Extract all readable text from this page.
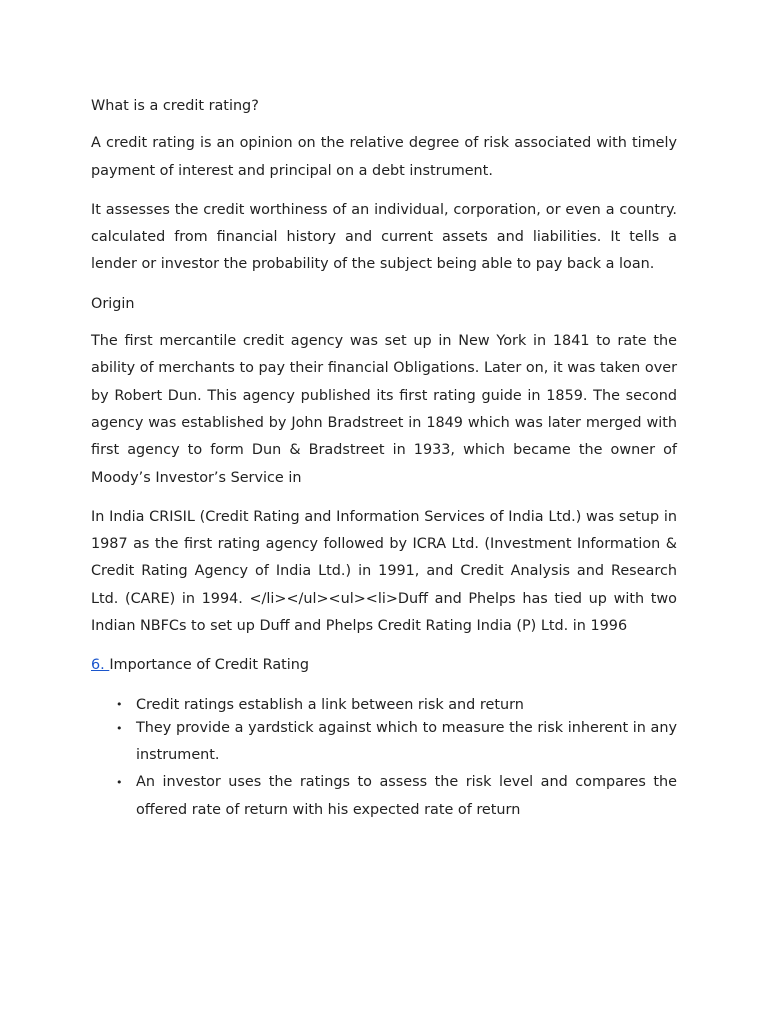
What is a credit rating?

A credit rating is an opinion on the relative degree of risk associated with timely payment of interest and principal on a debt instrument.

It assesses the credit worthiness of an individual, corporation, or even a country. calculated from financial history and current assets and liabilities. It tells a lender or investor the probability of the subject being able to pay back a loan.

Origin

The first mercantile credit agency was set up in New York in 1841 to rate the ability of merchants to pay their financial Obligations. Later on, it was taken over by Robert Dun. This agency published its first rating guide in 1859. The second agency was established by John Bradstreet in 1849 which was later merged with first agency to form Dun & Bradstreet in 1933, which became the owner of Moody’s Investor’s Service in

In India CRISIL (Credit Rating and Information Services of India Ltd.) was setup in 1987 as the first rating agency followed by ICRA Ltd. (Investment Information & Credit Rating Agency of India Ltd.) in 1991, and Credit Analysis and Research Ltd. (CARE) in 1994. </li></ul><ul><li>Duff and Phelps has tied up with two Indian NBFCs to set up Duff and Phelps Credit Rating India (P) Ltd. in 1996

6. Importance of Credit Rating

• Credit ratings establish a link between risk and return
• They provide a yardstick against which to measure the risk inherent in any instrument.
• An investor uses the ratings to assess the risk level and compares the offered rate of return with his expected rate of return
